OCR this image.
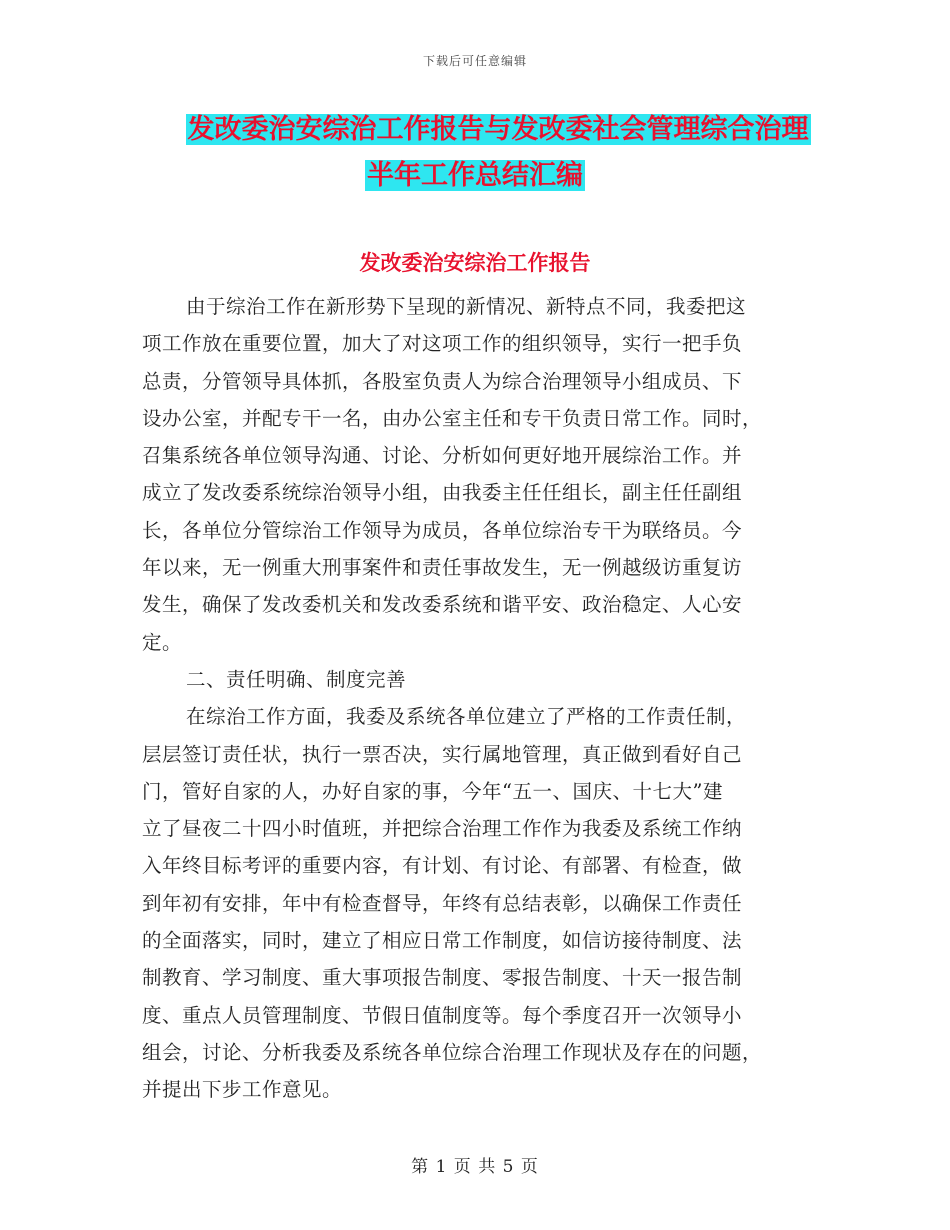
下载后可任意编辑
发改委治安综治工作报告与发改委社会管理综合治理
半年工作总结汇编
发改委治安综治工作报告
由于综治工作在新形势下呈现的新情况、新特点不同，我委把这
项工作放在重要位置，加大了对这项工作的组织领导，实行一把手负
总责，分管领导具体抓，各股室负责人为综合治理领导小组成员、下
设办公室，并配专干一名，由办公室主任和专干负责日常工作。同时，
召集系统各单位领导沟通、讨论、分析如何更好地开展综治工作。并
成立了发改委系统综治领导小组，由我委主任任组长，副主任任副组
长，各单位分管综治工作领导为成员，各单位综治专干为联络员。今
年以来，无一例重大刑事案件和责任事故发生，无一例越级访重复访
发生，确保了发改委机关和发改委系统和谐平安、政治稳定、人心安
定。
二、责任明确、制度完善
在综治工作方面，我委及系统各单位建立了严格的工作责任制，
层层签订责任状，执行一票否决，实行属地管理，真正做到看好自己
门，管好自家的人，办好自家的事，今年“五一、国庆、十七大”建
立了昼夜二十四小时值班，并把综合治理工作作为我委及系统工作纳
入年终目标考评的重要内容，有计划、有讨论、有部署、有检查，做
到年初有安排，年中有检查督导，年终有总结表彰，以确保工作责任
的全面落实，同时，建立了相应日常工作制度，如信访接待制度、法
制教育、学习制度、重大事项报告制度、零报告制度、十天一报告制
度、重点人员管理制度、节假日值制度等。每个季度召开一次领导小
组会，讨论、分析我委及系统各单位综合治理工作现状及存在的问题，
并提出下步工作意见。
第 1 页 共 5 页
